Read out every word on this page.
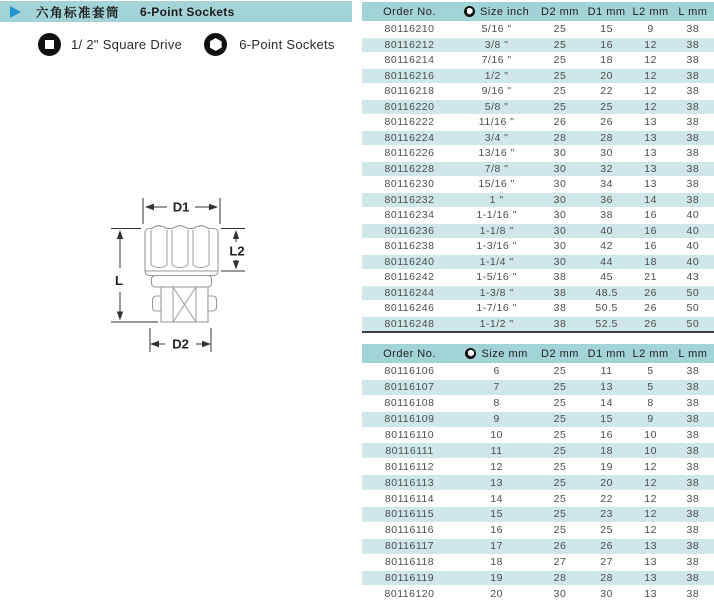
六角标准套筒 6-Point Sockets
1/ 2" Square Drive	6-Point Sockets
D1
L
L2
D2
Order No.	Size inch	D2 mm	D1 mm	L2 mm	L mm
80116210	5/16 "	25	15	9	38
80116212	3/8 "	25	16	12	38
80116214	7/16 "	25	18	12	38
80116216	1/2 "	25	20	12	38
80116218	9/16 "	25	22	12	38
80116220	5/8 "	25	25	12	38
80116222	11/16 "	26	26	13	38
80116224	3/4 "	28	28	13	38
80116226	13/16 "	30	30	13	38
80116228	7/8 "	30	32	13	38
80116230	15/16 "	30	34	13	38
80116232	1 "	30	36	14	38
80116234	1-1/16 "	30	38	16	40
80116236	1-1/8 "	30	40	16	40
80116238	1-3/16 "	30	42	16	40
80116240	1-1/4 "	30	44	18	40
80116242	1-5/16 "	38	45	21	43
80116244	1-3/8 "	38	48.5	26	50
80116246	1-7/16 "	38	50.5	26	50
80116248	1-1/2 "	38	52.5	26	50
Order No.	Size mm	D2 mm	D1 mm	L2 mm	L mm
80116106	6	25	11	5	38
80116107	7	25	13	5	38
80116108	8	25	14	8	38
80116109	9	25	15	9	38
80116110	10	25	16	10	38
80116111	11	25	18	10	38
80116112	12	25	19	12	38
80116113	13	25	20	12	38
80116114	14	25	22	12	38
80116115	15	25	23	12	38
80116116	16	25	25	12	38
80116117	17	26	26	13	38
80116118	18	27	27	13	38
80116119	19	28	28	13	38
80116120	20	30	30	13	38
